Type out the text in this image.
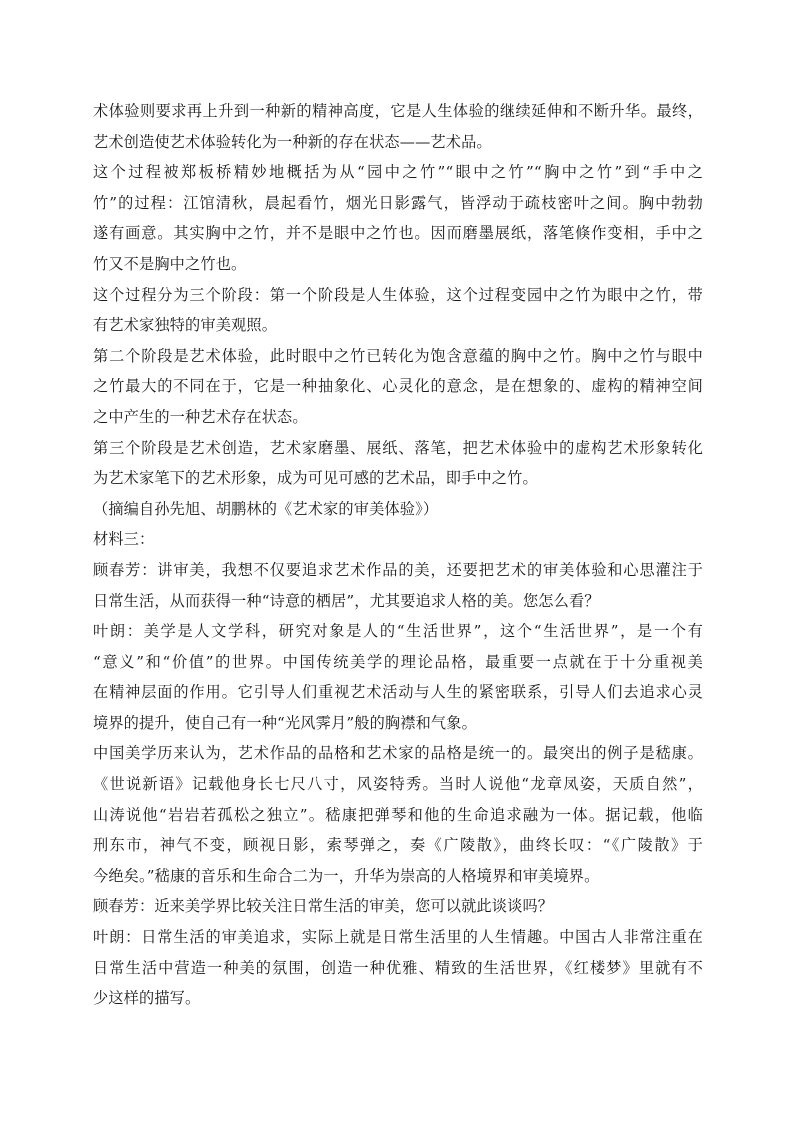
术体验则要求再上升到一种新的精神高度，它是人生体验的继续延伸和不断升华。最终，
艺术创造使艺术体验转化为一种新的存在状态——艺术品。

这个过程被郑板桥精妙地概括为从“园中之竹”“眼中之竹”“胸中之竹”到“手中之
竹”的过程：江馆清秋，晨起看竹，烟光日影露气，皆浮动于疏枝密叶之间。胸中勃勃
遂有画意。其实胸中之竹，并不是眼中之竹也。因而磨墨展纸，落笔倏作变相，手中之
竹又不是胸中之竹也。

这个过程分为三个阶段：第一个阶段是人生体验，这个过程变园中之竹为眼中之竹，带
有艺术家独特的审美观照。

第二个阶段是艺术体验，此时眼中之竹已转化为饱含意蕴的胸中之竹。胸中之竹与眼中
之竹最大的不同在于，它是一种抽象化、心灵化的意念，是在想象的、虚构的精神空间
之中产生的一种艺术存在状态。

第三个阶段是艺术创造，艺术家磨墨、展纸、落笔，把艺术体验中的虚构艺术形象转化
为艺术家笔下的艺术形象，成为可见可感的艺术品，即手中之竹。

（摘编自孙先旭、胡鹏林的《艺术家的审美体验》）

材料三：

顾春芳：讲审美，我想不仅要追求艺术作品的美，还要把艺术的审美体验和心思灌注于
日常生活，从而获得一种“诗意的栖居”，尤其要追求人格的美。您怎么看？

叶朗：美学是人文学科，研究对象是人的“生活世界”，这个“生活世界”，是一个有
“意义”和“价值”的世界。中国传统美学的理论品格，最重要一点就在于十分重视美
在精神层面的作用。它引导人们重视艺术活动与人生的紧密联系，引导人们去追求心灵
境界的提升，使自己有一种“光风霁月”般的胸襟和气象。

中国美学历来认为，艺术作品的品格和艺术家的品格是统一的。最突出的例子是嵇康。
《世说新语》记载他身长七尺八寸，风姿特秀。当时人说他“龙章凤姿，天质自然”，
山涛说他“岩岩若孤松之独立”。嵇康把弹琴和他的生命追求融为一体。据记载，他临
刑东市，神气不变，顾视日影，索琴弹之，奏《广陵散》，曲终长叹：“《广陵散》于
今绝矣。”嵇康的音乐和生命合二为一，升华为崇高的人格境界和审美境界。

顾春芳：近来美学界比较关注日常生活的审美，您可以就此谈谈吗？

叶朗：日常生活的审美追求，实际上就是日常生活里的人生情趣。中国古人非常注重在
日常生活中营造一种美的氛围，创造一种优雅、精致的生活世界，《红楼梦》里就有不
少这样的描写。
